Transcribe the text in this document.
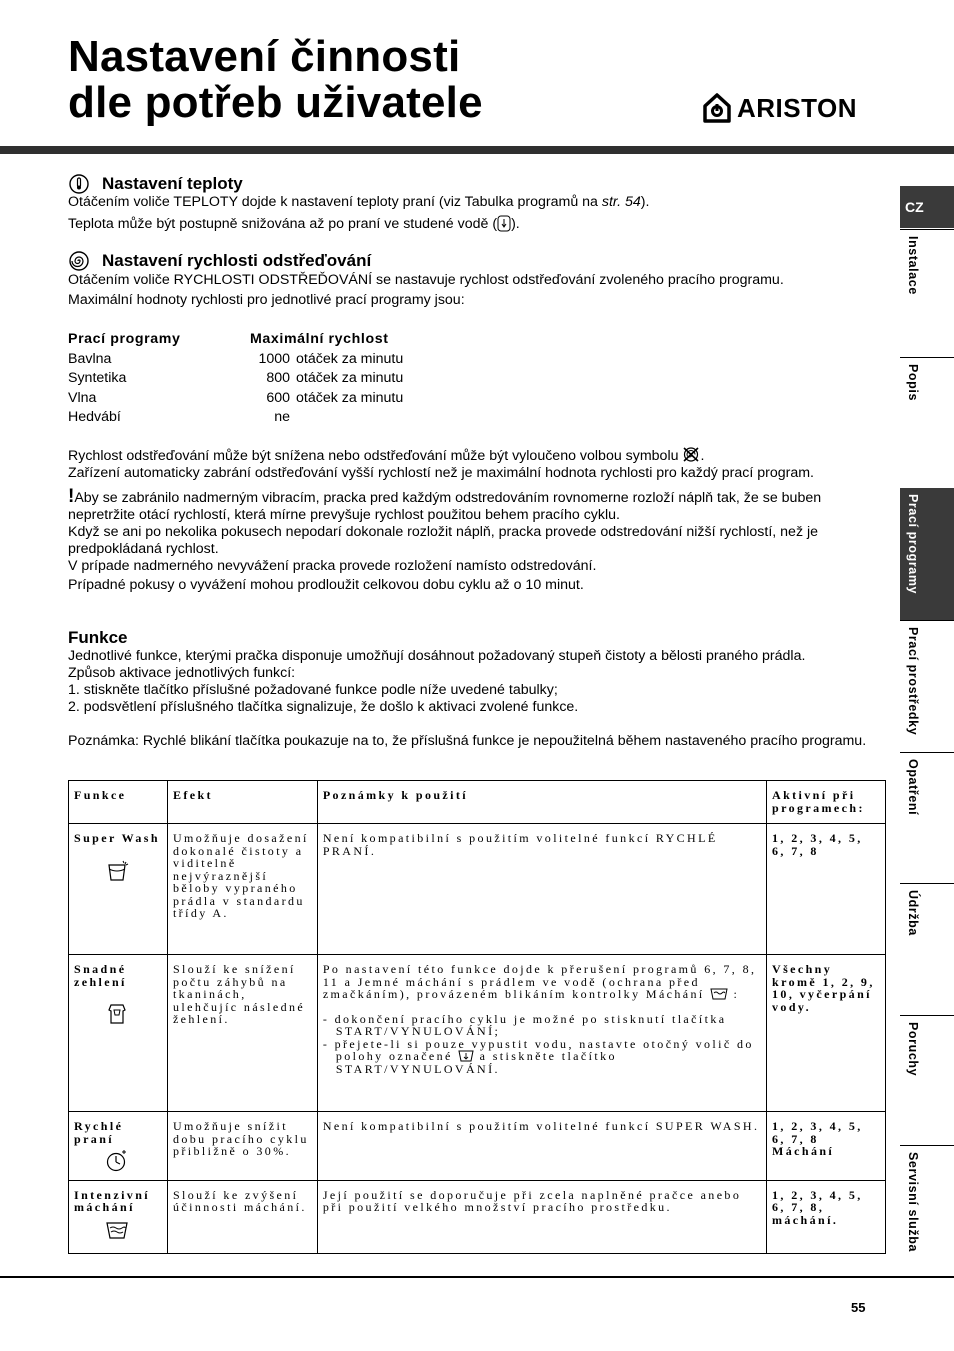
Nastavení činnosti
dle potřeb uživatele	ARISTON
CZ
Instalace
Popis
Prací programy
Prací prostředky
Opatření
Údržba
Poruchy
Servisní služba
Nastavení teploty

Otáčením voliče TEPLOTY dojde k nastavení teploty praní (viz Tabulka programů na str. 54).

Teplota může být postupně snižována až po praní ve studené vodě ( ).

Nastavení rychlosti odstřeďování

Otáčením voliče RYCHLOSTI ODSTŘEĎOVÁNÍ se nastavuje rychlost odstřeďování zvoleného pracího programu.

Maximální hodnoty rychlosti pro jednotlivé prací programy jsou:

Prací programy	Maximální rychlost
Bavlna	1000 otáček za minutu
Syntetika	800 otáček za minutu
Vlna	600 otáček za minutu
Hedvábí	ne

Rychlost odstřeďování může být snížena nebo odstřeďování může být vyloučeno volbou symbolu .

Zařízení automaticky zabrání odstřeďování vyšší rychlostí než je maximální hodnota rychlosti pro každý prací program.

!Aby se zabránilo nadmerným vibracím, pracka pred každým odstredováním rovnomerne rozloží náplň tak, že se buben nepretržite otácí rychlostí, která mírne prevyšuje rychlost použitou behem pracího cyklu.

Když se ani po nekolika pokusech nepodarí dokonale rozložit náplň, pracka provede odstredování nižší rychlostí, než je predpokládaná rychlost.

V prípade nadmerného nevyvážení pracka provede rozložení namísto odstredování.

Prípadné pokusy o vyvážení mohou prodloužit celkovou dobu cyklu až o 10 minut.

Funkce

Jednotlivé funkce, kterými pračka disponuje umožňují dosáhnout požadovaný stupeň čistoty a bělosti praného prádla.

Způsob aktivace jednotlivých funkcí:

1. stiskněte tlačítko příslušné požadované funkce podle níže uvedené tabulky;

2. podsvětlení příslušného tlačítka signalizuje, že došlo k aktivaci zvolené funkce.

Poznámka: Rychlé blikání tlačítka poukazuje na to, že příslušná funkce je nepoužitelná během nastaveného pracího programu.

Funkce	Efekt	Poznámky k použití	Aktivní při programech:

Super Wash	Umožňuje dosažení dokonalé čistoty a viditelně nejvýraznější běloby vypraného prádla v standardu třídy A.	Není kompatibilní s použitím volitelné funkcí RYCHLÉ PRANÍ.	1, 2, 3, 4, 5, 6, 7, 8

Snadné zehlení	Slouží ke snížení počtu záhybů na tkaninách, ulehčujíc následné žehlení.	Po nastavení této funkce dojde k přerušení programů 6, 7, 8, 11 a Jemné máchání s prádlem ve vodě (ochrana před zmačkáním), provázeném blikáním kontrolky Máchání :
- dokončení pracího cyklu je možné po stisknutí tlačítka START/VYNULOVÁNÍ;
- přejete-li si pouze vypustit vodu, nastavte otočný volič do polohy označené a stiskněte tlačítko START/VYNULOVÁNÍ.	Všechny kromě 1, 2, 9, 10, vyčerpání vody.

Rychlé praní	Umožňuje snížit dobu pracího cyklu přibližně o 30%.	Není kompatibilní s použitím volitelné funkcí SUPER WASH.	1, 2, 3, 4, 5, 6, 7, 8 Máchání

Intenzivní máchání	Slouží ke zvýšení účinnosti máchání.	Její použití se doporučuje při zcela naplněné pračce anebo při použití velkého množství pracího prostředku.	1, 2, 3, 4, 5, 6, 7, 8, máchání.
55
